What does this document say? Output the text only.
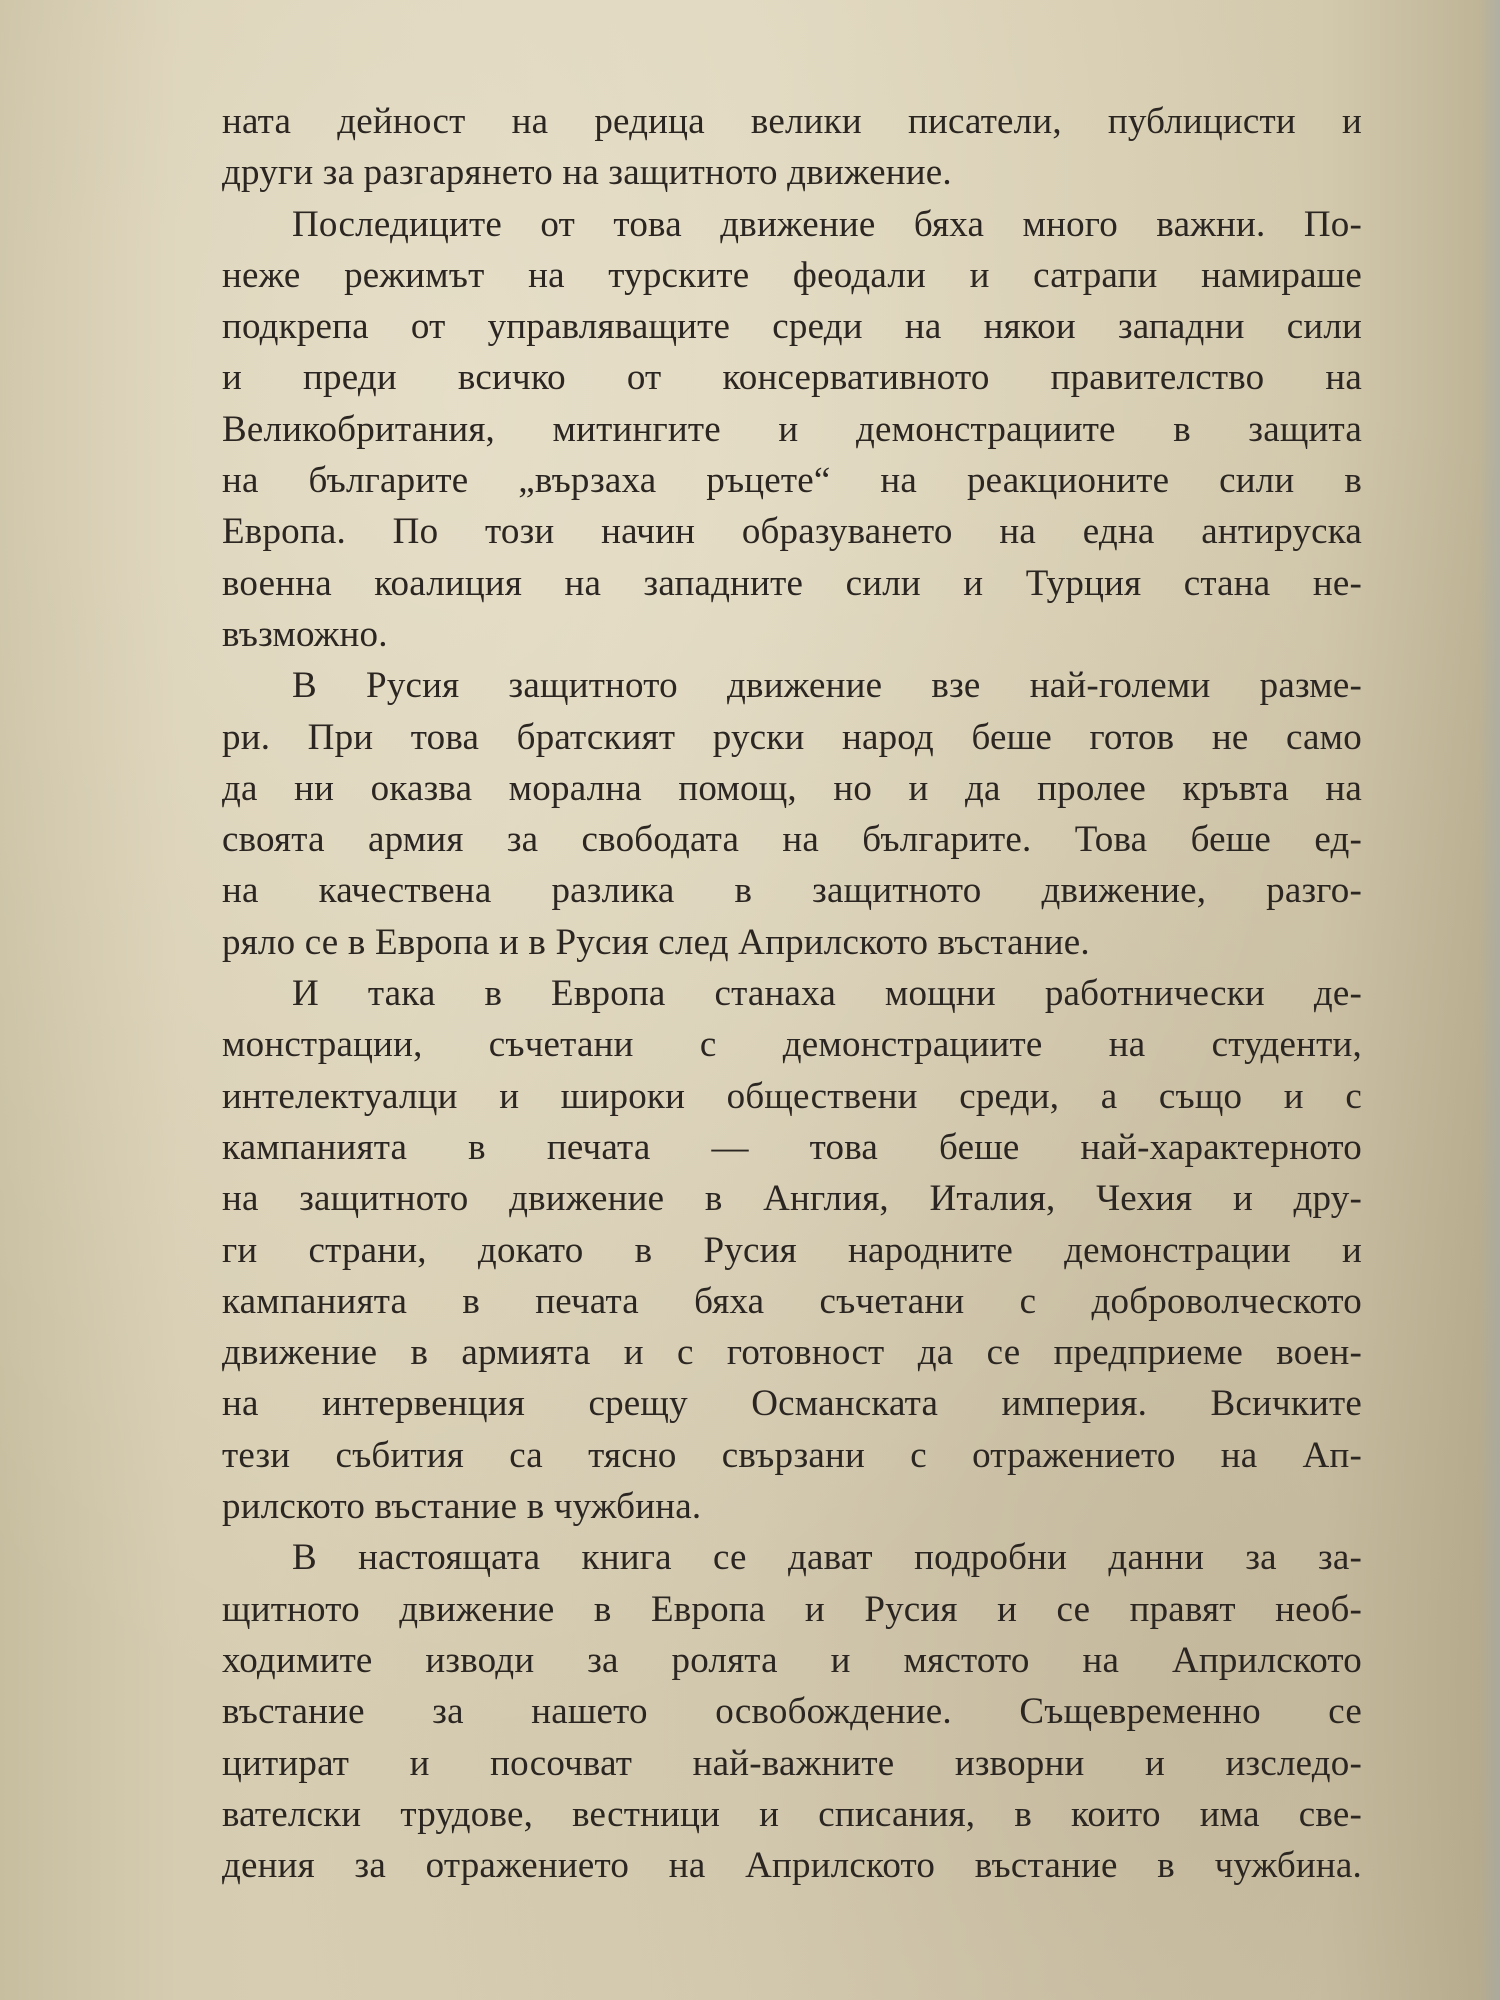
ната дейност на редица велики писатели, публицисти и
други за разгарянето на защитното движение.
Последиците от това движение бяха много важни. По-
неже режимът на турските феодали и сатрапи намираше
подкрепа от управляващите среди на някои западни сили
и преди всичко от консервативното правителство на
Великобритания, митингите и демонстрациите в защита
на българите „вързаха ръцете“ на реакционите сили в
Европа. По този начин образуването на една антируска
военна коалиция на западните сили и Турция стана не-
възможно.
В Русия защитното движение взе най-големи разме-
ри. При това братският руски народ беше готов не само
да ни оказва морална помощ, но и да пролее кръвта на
своята армия за свободата на българите. Това беше ед-
на качествена разлика в защитното движение, разго-
ряло се в Европа и в Русия след Априлското въстание.
И така в Европа станаха мощни работнически де-
монстрации, съчетани с демонстрациите на студенти,
интелектуалци и широки обществени среди, а също и с
кампанията в печата — това беше най-характерното
на защитното движение в Англия, Италия, Чехия и дру-
ги страни, докато в Русия народните демонстрации и
кампанията в печата бяха съчетани с доброволческото
движение в армията и с готовност да се предприеме воен-
на интервенция срещу Османската империя. Всичките
тези събития са тясно свързани с отражението на Ап-
рилското въстание в чужбина.
В настоящата книга се дават подробни данни за за-
щитното движение в Европа и Русия и се правят необ-
ходимите изводи за ролята и мястото на Априлското
въстание за нашето освобождение. Същевременно се
цитират и посочват най-важните изворни и изследо-
вателски трудове, вестници и списания, в които има све-
дения за отражението на Априлското въстание в чужбина.
